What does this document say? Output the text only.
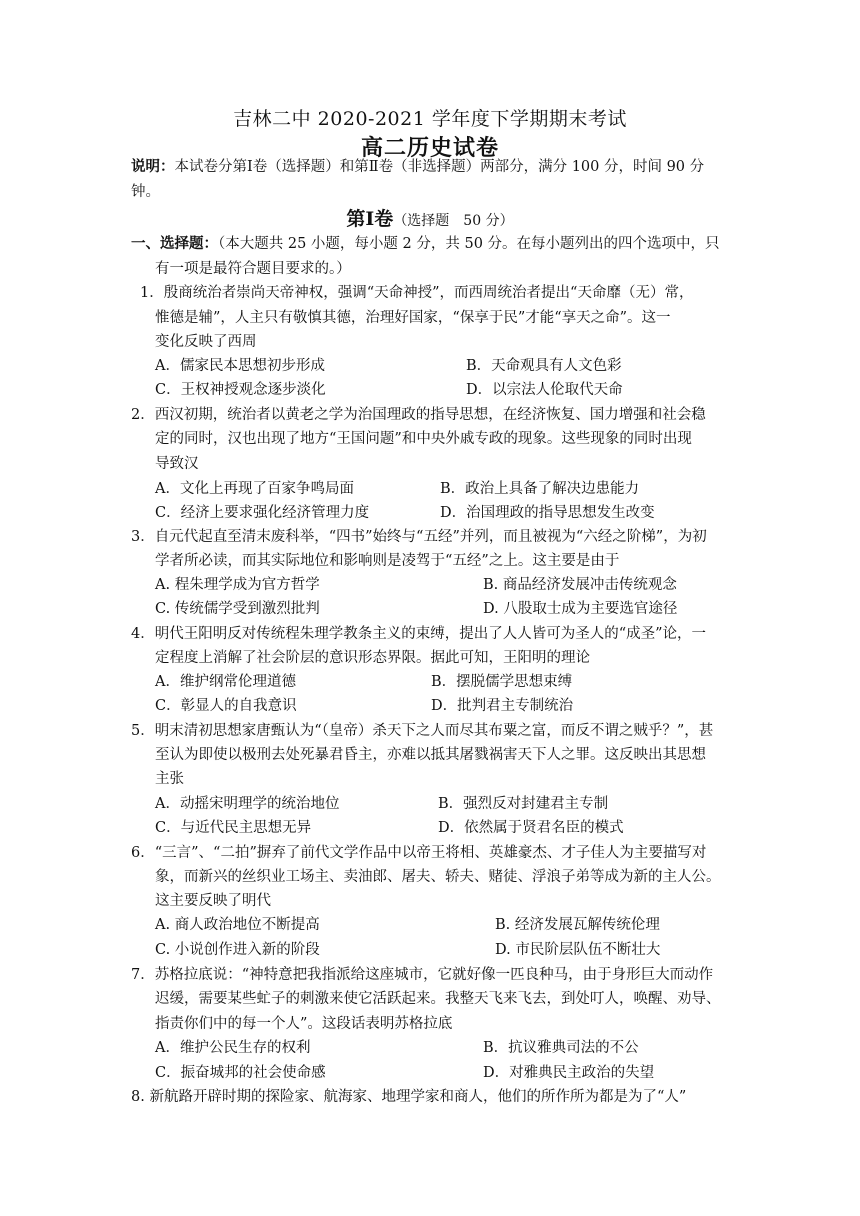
吉林二中 2020-2021 学年度下学期期末考试
高二历史试卷
说明：本试卷分第Ⅰ卷（选择题）和第Ⅱ卷（非选择题）两部分，满分 100 分，时间 90 分
钟。
第Ⅰ卷（选择题　50 分）
一、选择题：（本大题共 25 小题，每小题 2 分，共 50 分。在每小题列出的四个选项中，只
有一项是最符合题目要求的。）
1．殷商统治者崇尚天帝神权，强调“天命神授”，而西周统治者提出“天命靡（无）常，
惟德是辅”，人主只有敬慎其德，治理好国家，“保享于民”才能“享天之命”。这一
变化反映了西周
A．儒家民本思想初步形成	B．天命观具有人文色彩
C．王权神授观念逐步淡化	D．以宗法人伦取代天命
2．西汉初期，统治者以黄老之学为治国理政的指导思想，在经济恢复、国力增强和社会稳
定的同时，汉也出现了地方“王国问题”和中央外戚专政的现象。这些现象的同时出现
导致汉
A．文化上再现了百家争鸣局面	B．政治上具备了解决边患能力
C．经济上要求强化经济管理力度	D．治国理政的指导思想发生改变
3．自元代起直至清末废科举，“四书”始终与“五经”并列，而且被视为“六经之阶梯”，为初
学者所必读，而其实际地位和影响则是凌驾于“五经”之上。这主要是由于
A. 程朱理学成为官方哲学	B. 商品经济发展冲击传统观念
C. 传统儒学受到激烈批判	D. 八股取士成为主要选官途径
4．明代王阳明反对传统程朱理学教条主义的束缚，提出了人人皆可为圣人的“成圣”论，一
定程度上消解了社会阶层的意识形态界限。据此可知，王阳明的理论
A．维护纲常伦理道德	B．摆脱儒学思想束缚
C．彰显人的自我意识	D．批判君主专制统治
5．明末清初思想家唐甄认为“（皇帝）杀天下之人而尽其布粟之富，而反不谓之贼乎？”，甚
至认为即使以极刑去处死暴君昏主，亦难以抵其屠戮祸害天下人之罪。这反映出其思想
主张
A．动摇宋明理学的统治地位	B．强烈反对封建君主专制
C．与近代民主思想无异	D．依然属于贤君名臣的模式
6．“三言”、“二拍”摒弃了前代文学作品中以帝王将相、英雄豪杰、才子佳人为主要描写对
象，而新兴的丝织业工场主、卖油郎、屠夫、轿夫、赌徒、浮浪子弟等成为新的主人公。
这主要反映了明代
A. 商人政治地位不断提高	B. 经济发展瓦解传统伦理
C. 小说创作进入新的阶段	D. 市民阶层队伍不断壮大
7．苏格拉底说：“神特意把我指派给这座城市，它就好像一匹良种马，由于身形巨大而动作
迟缓，需要某些虻子的刺激来使它活跃起来。我整天飞来飞去，到处叮人，唤醒、劝导、
指责你们中的每一个人”。这段话表明苏格拉底
A．维护公民生存的权利	B．抗议雅典司法的不公
C．振奋城邦的社会使命感	D．对雅典民主政治的失望
8. 新航路开辟时期的探险家、航海家、地理学家和商人，他们的所作所为都是为了“人”
